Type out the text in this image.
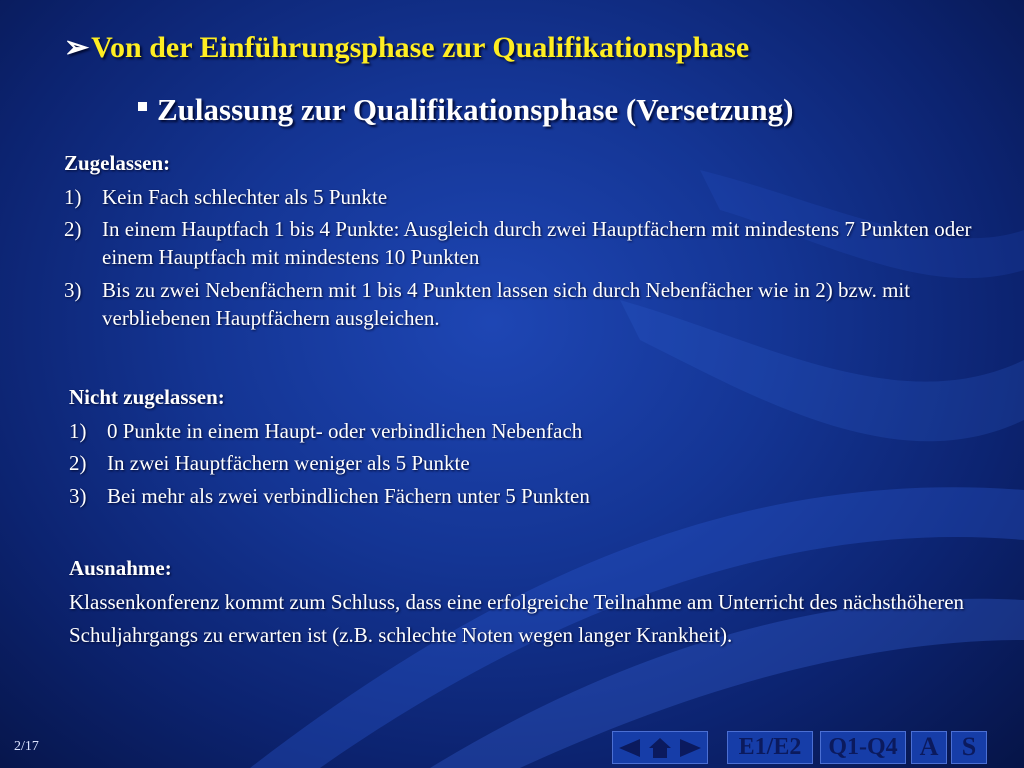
➢Von der Einführungsphase zur Qualifikationsphase
Zulassung zur Qualifikationsphase (Versetzung)
Zugelassen:
1) Kein Fach schlechter als 5 Punkte
2) In einem Hauptfach 1 bis 4 Punkte: Ausgleich durch zwei Hauptfächern mit mindestens 7 Punkten oder einem Hauptfach mit mindestens 10 Punkten
3) Bis zu zwei Nebenfächern mit 1 bis 4 Punkten lassen sich durch Nebenfächer wie in 2) bzw. mit verbliebenen Hauptfächern ausgleichen.
Nicht zugelassen:
1) 0 Punkte in einem Haupt- oder verbindlichen Nebenfach
2) In zwei Hauptfächern weniger als 5 Punkte
3) Bei mehr als zwei verbindlichen Fächern unter 5 Punkten
Ausnahme:
Klassenkonferenz kommt zum Schluss, dass eine erfolgreiche Teilnahme am Unterricht des nächsthöheren Schuljahrgangs zu erwarten ist (z.B. schlechte Noten wegen langer Krankheit).
2/17	E1/E2	Q1-Q4 A S
